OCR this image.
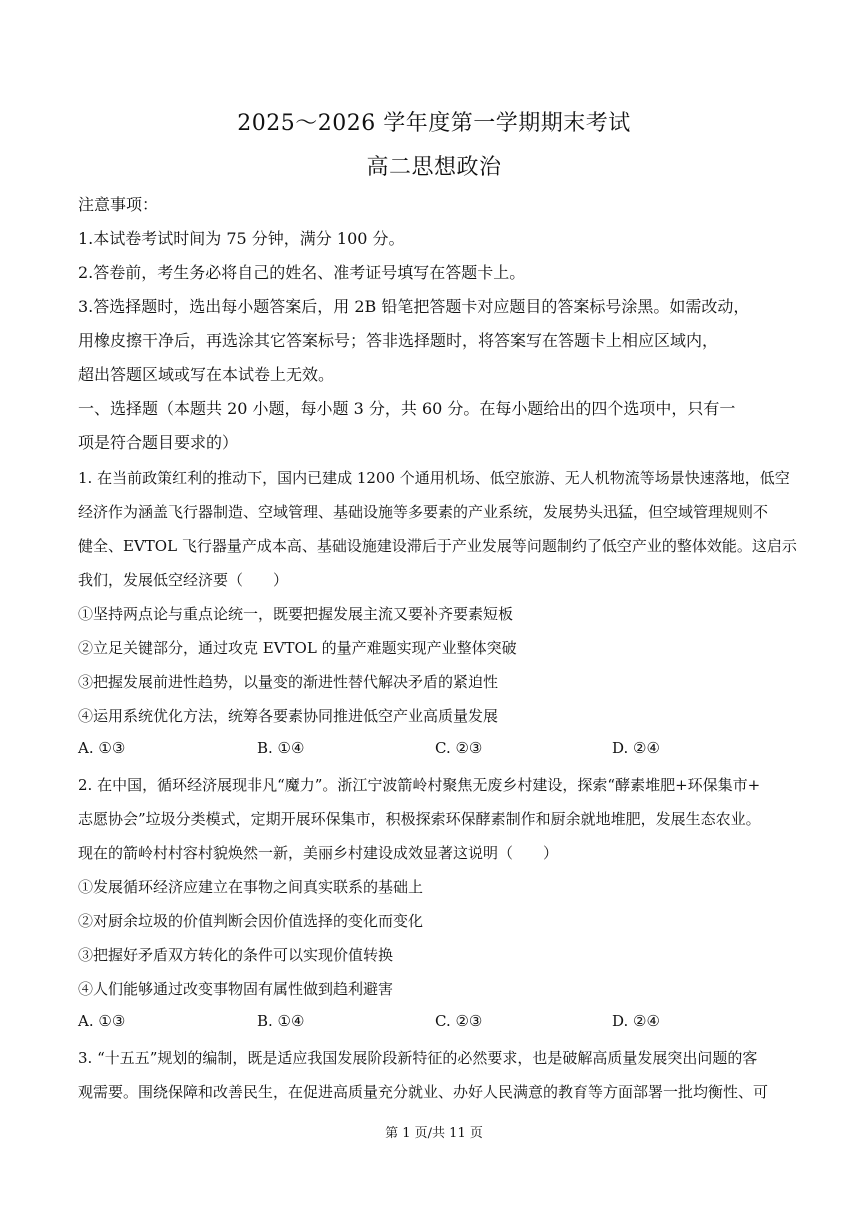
2025～2026 学年度第一学期期末考试
高二思想政治
注意事项：
1.本试卷考试时间为 75 分钟，满分 100 分。
2.答卷前，考生务必将自己的姓名、准考证号填写在答题卡上。
3.答选择题时，选出每小题答案后，用 2B 铅笔把答题卡对应题目的答案标号涂黑。如需改动，
用橡皮擦干净后，再选涂其它答案标号；答非选择题时，将答案写在答题卡上相应区域内，
超出答题区域或写在本试卷上无效。
一、选择题（本题共 20 小题，每小题 3 分，共 60 分。在每小题给出的四个选项中，只有一
项是符合题目要求的）
1. 在当前政策红利的推动下，国内已建成 1200 个通用机场、低空旅游、无人机物流等场景快速落地，低空
经济作为涵盖飞行器制造、空域管理、基础设施等多要素的产业系统，发展势头迅猛，但空域管理规则不
健全、EVTOL 飞行器量产成本高、基础设施建设滞后于产业发展等问题制约了低空产业的整体效能。这启示
我们，发展低空经济要（　　）
①坚持两点论与重点论统一，既要把握发展主流又要补齐要素短板
②立足关键部分，通过攻克 EVTOL 的量产难题实现产业整体突破
③把握发展前进性趋势，以量变的渐进性替代解决矛盾的紧迫性
④运用系统优化方法，统筹各要素协同推进低空产业高质量发展
A. ①③	B. ①④	C. ②③	D. ②④
2. 在中国，循环经济展现非凡“魔力”。浙江宁波箭岭村聚焦无废乡村建设，探索“酵素堆肥+环保集市+
志愿协会”垃圾分类模式，定期开展环保集市，积极探索环保酵素制作和厨余就地堆肥，发展生态农业。
现在的箭岭村村容村貌焕然一新，美丽乡村建设成效显著这说明（　　）
①发展循环经济应建立在事物之间真实联系的基础上
②对厨余垃圾的价值判断会因价值选择的变化而变化
③把握好矛盾双方转化的条件可以实现价值转换
④人们能够通过改变事物固有属性做到趋利避害
A. ①③	B. ①④	C. ②③	D. ②④
3. “十五五”规划的编制，既是适应我国发展阶段新特征的必然要求，也是破解高质量发展突出问题的客
观需要。围绕保障和改善民生，在促进高质量充分就业、办好人民满意的教育等方面部署一批均衡性、可
第 1 页/共 11 页
